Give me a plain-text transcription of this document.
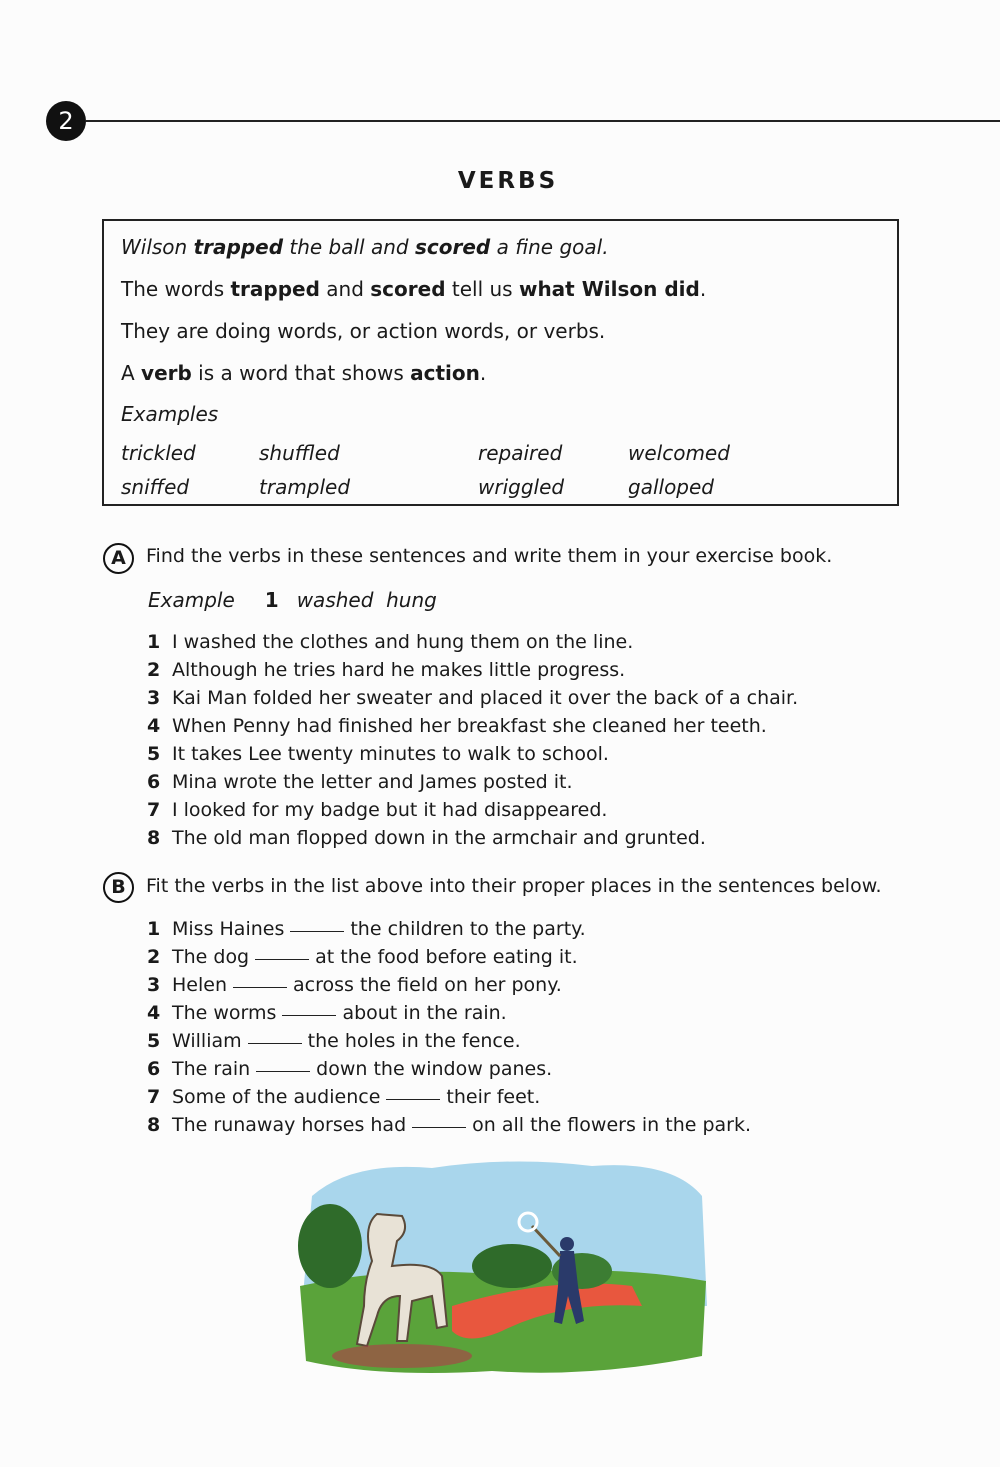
2
VERBS

Wilson trapped the ball and scored a fine goal.

The words trapped and scored tell us what Wilson did.

They are doing words, or action words, or verbs.

A verb is a word that shows action.

Examples

trickled	shuffled	repaired	welcomed
sniffed	trampled	wriggled	galloped
A	Find the verbs in these sentences and write them in your exercise book.
Example 1 washed  hung
1 I washed the clothes and hung them on the line.
2 Although he tries hard he makes little progress.
3 Kai Man folded her sweater and placed it over the back of a chair.
4 When Penny had finished her breakfast she cleaned her teeth.
5 It takes Lee twenty minutes to walk to school.
6 Mina wrote the letter and James posted it.
7 I looked for my badge but it had disappeared.
8 The old man flopped down in the armchair and grunted.
B	Fit the verbs in the list above into their proper places in the sentences below.
1 Miss Haines	the children to the party.
2 The dog	at the food before eating it.
3 Helen	across the field on her pony.
4 The worms	about in the rain.
5 William	the holes in the fence.
6 The rain	down the window panes.
7 Some of the audience	their feet.
8 The runaway horses had	on all the flowers in the park.
